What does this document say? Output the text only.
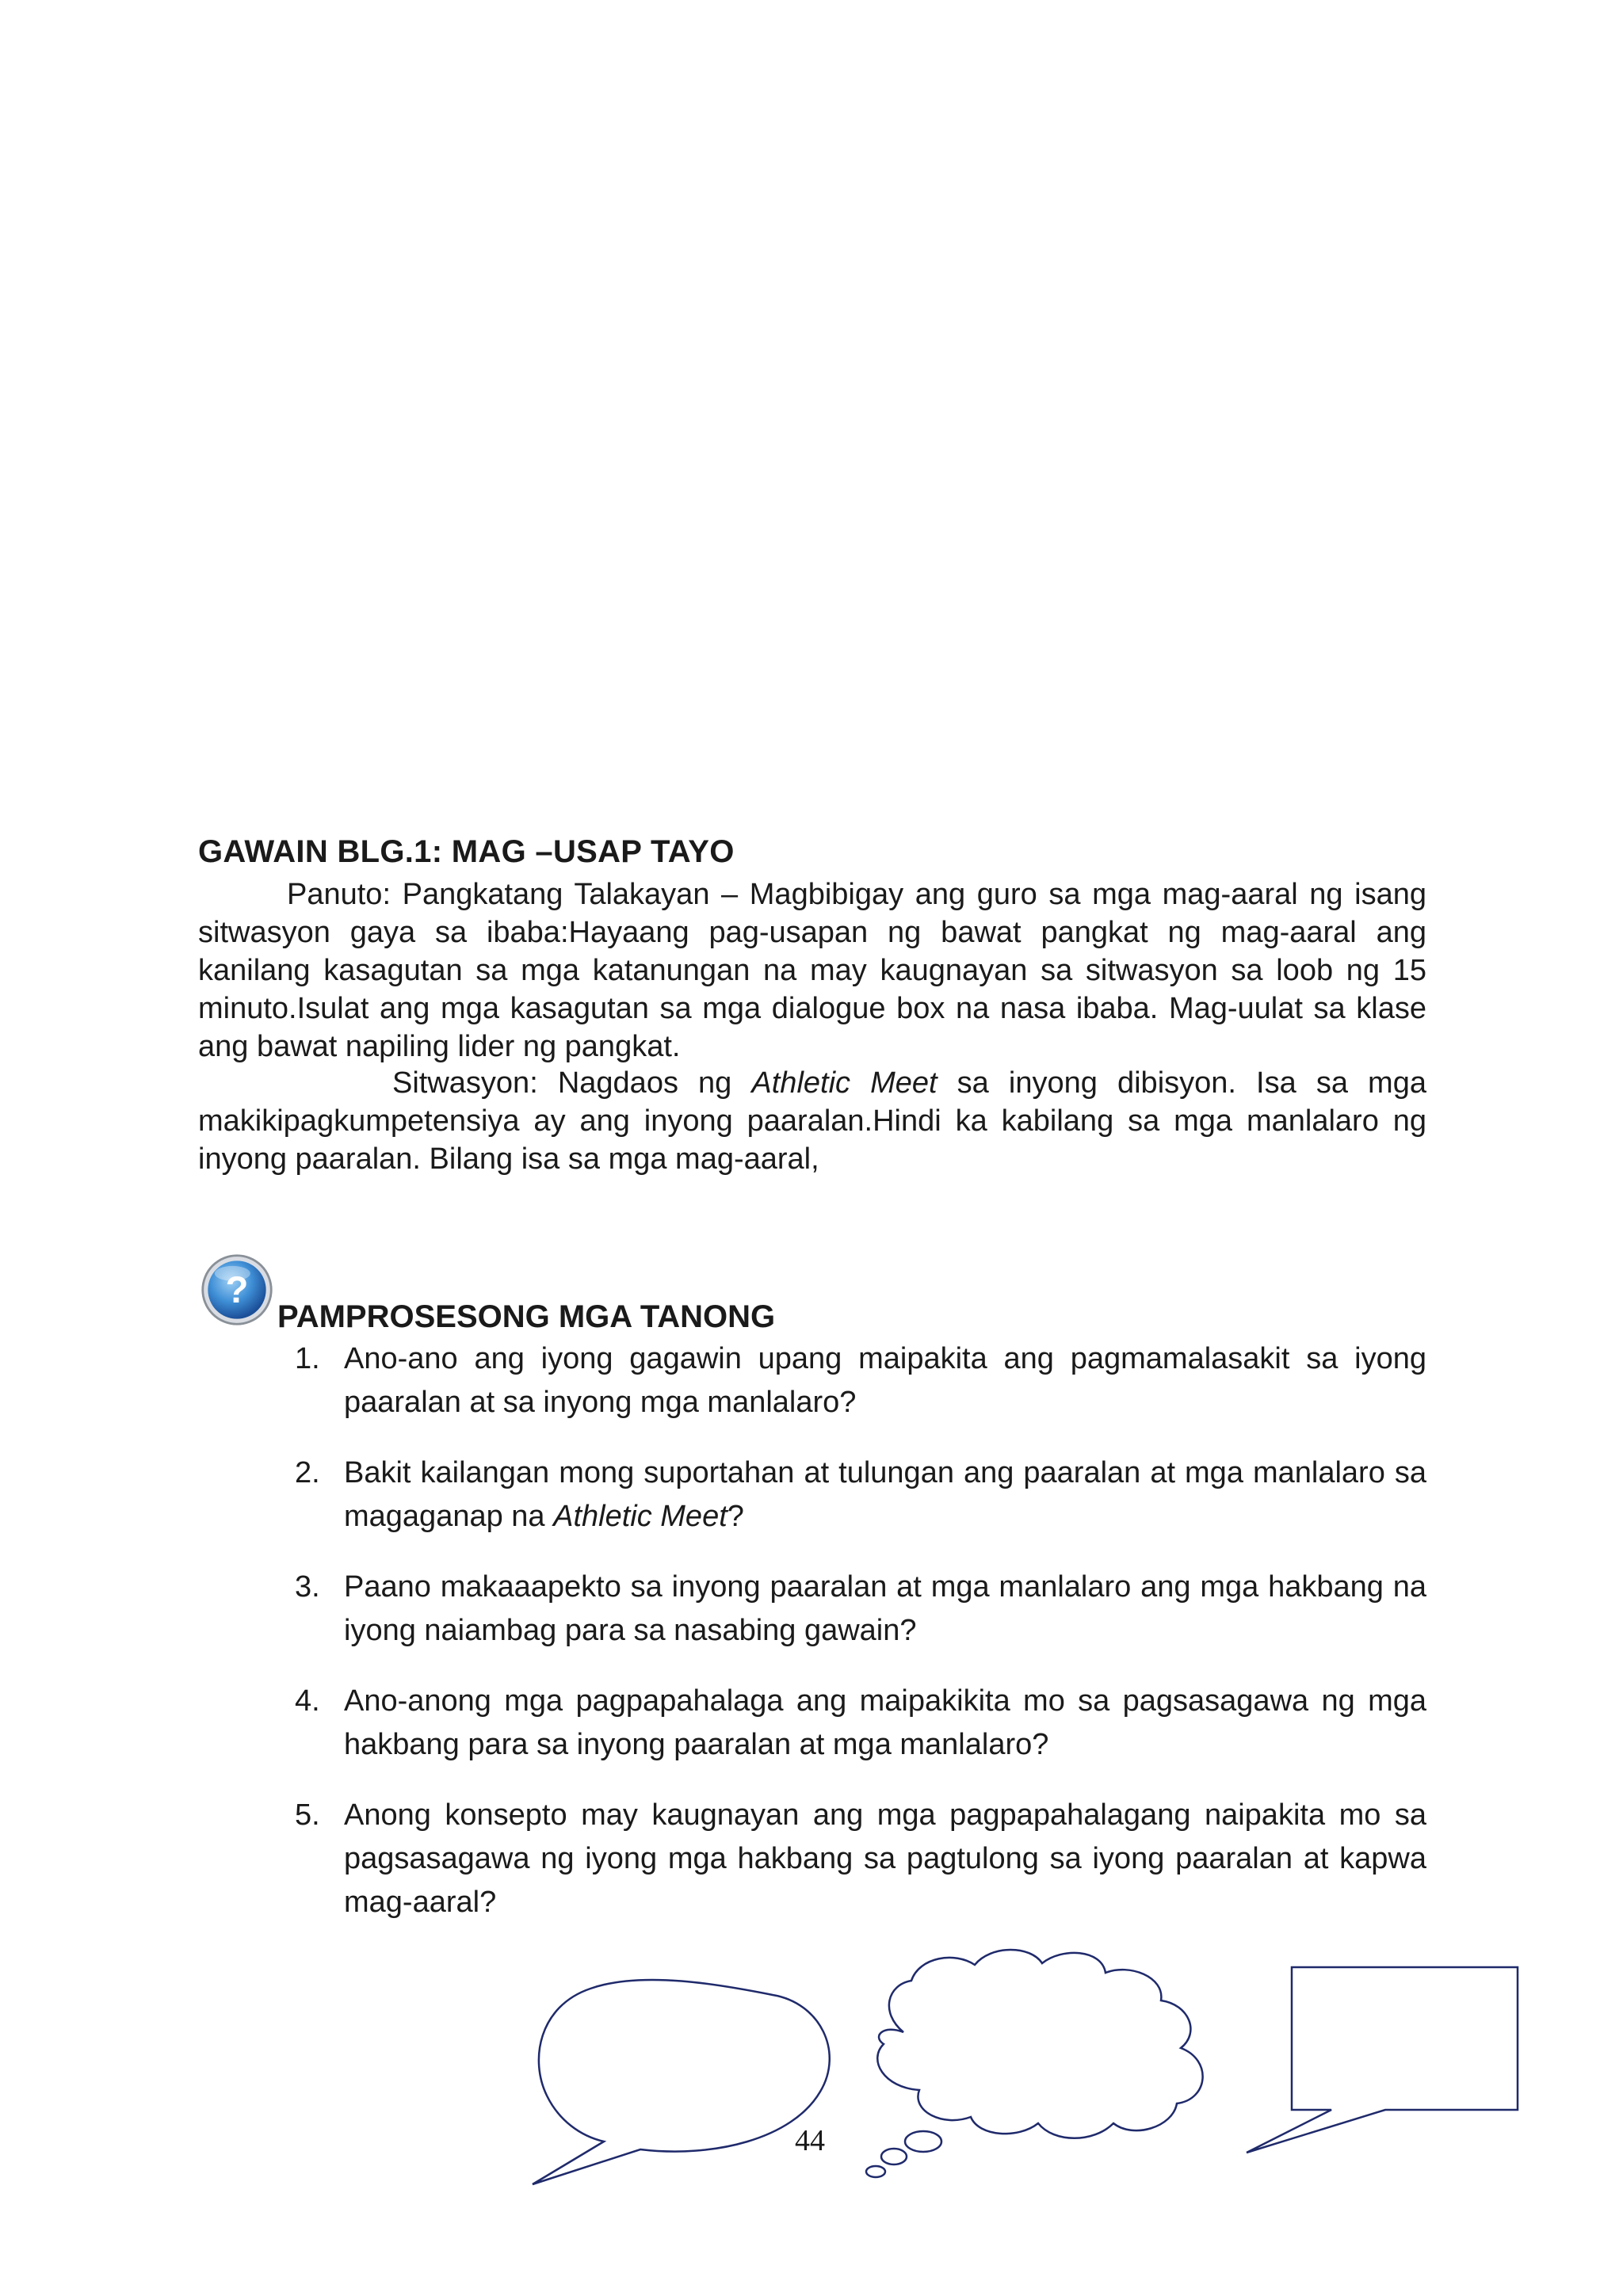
GAWAIN BLG.1: MAG –USAP TAYO
Panuto: Pangkatang Talakayan – Magbibigay ang guro sa mga mag-aaral ng isang sitwasyon gaya sa ibaba:Hayaang pag-usapan ng bawat pangkat ng mag-aaral ang kanilang kasagutan sa mga katanungan na may kaugnayan sa sitwasyon sa loob ng 15 minuto.Isulat ang mga kasagutan sa mga dialogue box na nasa ibaba. Mag-uulat sa klase ang bawat napiling lider ng pangkat.
Sitwasyon: Nagdaos ng Athletic Meet sa inyong dibisyon. Isa sa mga makikipagkumpetensiya ay ang inyong paaralan.Hindi ka kabilang sa mga manlalaro ng inyong paaralan. Bilang isa sa mga mag-aaral,
?
PAMPROSESONG MGA TANONG
1. Ano-ano ang iyong gagawin upang maipakita ang pagmamalasakit sa iyong paaralan at sa inyong mga manlalaro?
2. Bakit kailangan mong suportahan at tulungan ang paaralan at mga manlalaro sa magaganap na Athletic Meet?
3. Paano makaaapekto sa inyong paaralan at mga manlalaro ang mga hakbang na iyong naiambag para sa nasabing gawain?
4. Ano-anong mga pagpapahalaga ang maipakikita mo sa pagsasagawa ng mga hakbang para sa inyong paaralan at mga manlalaro?
5. Anong konsepto may kaugnayan ang mga pagpapahalagang naipakita mo sa pagsasagawa ng iyong mga hakbang sa pagtulong sa iyong paaralan at kapwa mag-aaral?
44
